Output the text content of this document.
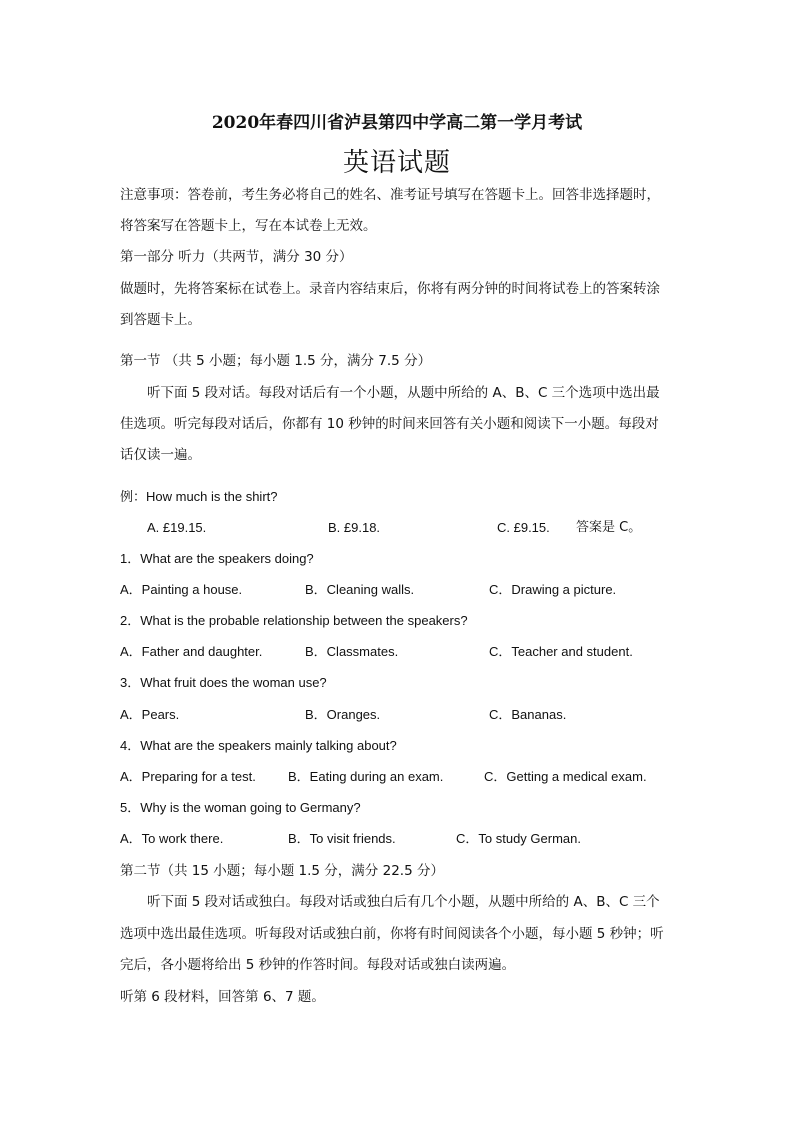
2020年春四川省泸县第四中学高二第一学月考试
英语试题
注意事项：答卷前，考生务必将自己的姓名、准考证号填写在答题卡上。回答非选择题时，
将答案写在答题卡上，写在本试卷上无效。
第一部分 听力（共两节，满分 30 分）
做题时，先将答案标在试卷上。录音内容结束后，你将有两分钟的时间将试卷上的答案转涂
到答题卡上。
第一节 （共 5 小题；每小题 1.5 分，满分 7.5 分）
听下面 5 段对话。每段对话后有一个小题，从题中所给的 A、B、C 三个选项中选出最
佳选项。听完每段对话后，你都有 10 秒钟的时间来回答有关小题和阅读下一小题。每段对
话仅读一遍。
例：How much is the shirt?
A. £19.15.	B. £9.18.	C. £9.15. 答案是 C。
1．What are the speakers doing?
A．Painting a house.	B．Cleaning walls.	C．Drawing a picture.
2．What is the probable relationship between the speakers?
A．Father and daughter.	B．Classmates.	C．Teacher and student.
3．What fruit does the woman use?
A．Pears.	B．Oranges.	C．Bananas.
4．What are the speakers mainly talking about?
A．Preparing for a test. B．Eating during an exam.	C．Getting a medical exam.
5．Why is the woman going to Germany?
A．To work there.	B．To visit friends.	C．To study German.
第二节（共 15 小题；每小题 1.5 分，满分 22.5 分）
听下面 5 段对话或独白。每段对话或独白后有几个小题，从题中所给的 A、B、C 三个
选项中选出最佳选项。听每段对话或独白前，你将有时间阅读各个小题，每小题 5 秒钟；听
完后，各小题将给出 5 秒钟的作答时间。每段对话或独白读两遍。
听第 6 段材料，回答第 6、7 题。
